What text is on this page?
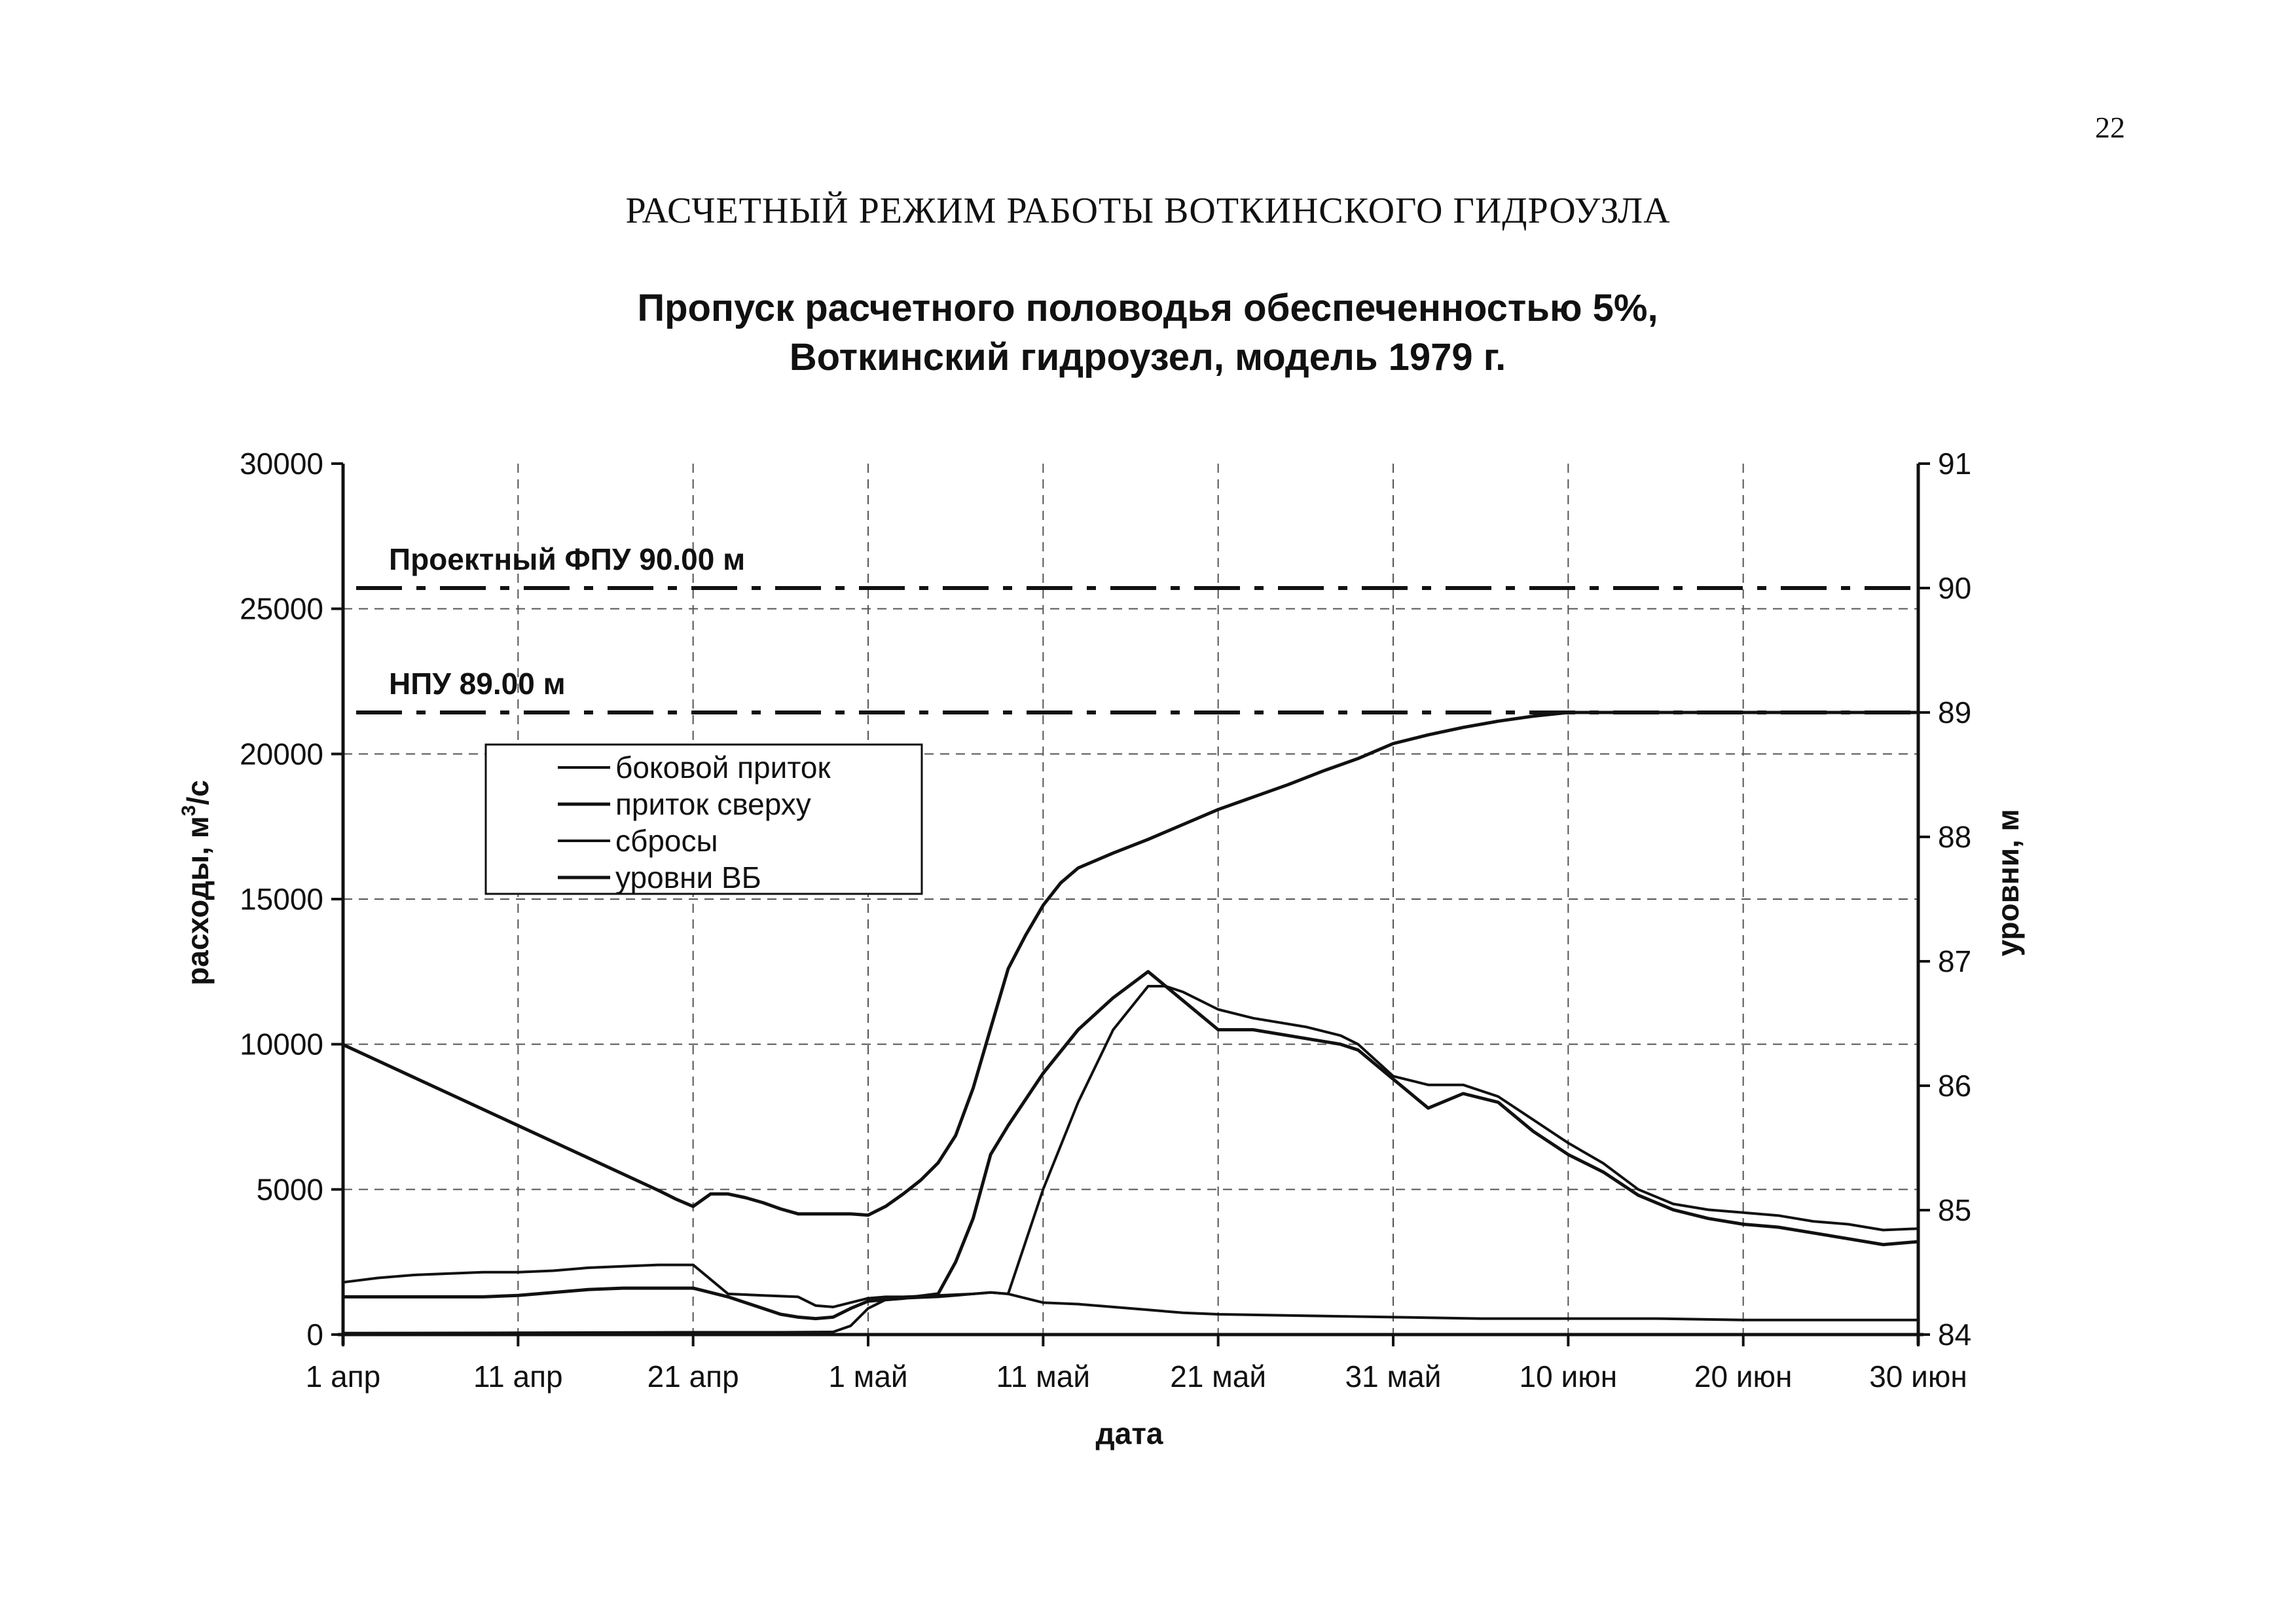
22
РАСЧЕТНЫЙ РЕЖИМ РАБОТЫ ВОТКИНСКОГО ГИДРОУЗЛА
Пропуск расчетного половодья обеспеченностью 5%,
Воткинский гидроузел, модель 1979 г.
Проектный ФПУ 90.00 м
НПУ 89.00 м
0
5000
10000
15000
20000
25000
30000
84
85
86
87
88
89
90
91
1 апр	11 апр	21 апр	1 май	11 май	21 май	31 май	10 июн	20 июн	30 июн
дата
расходы, $м^3/с$
уровни, м
боковой приток
приток сверху
сбросы
уровни ВБ
